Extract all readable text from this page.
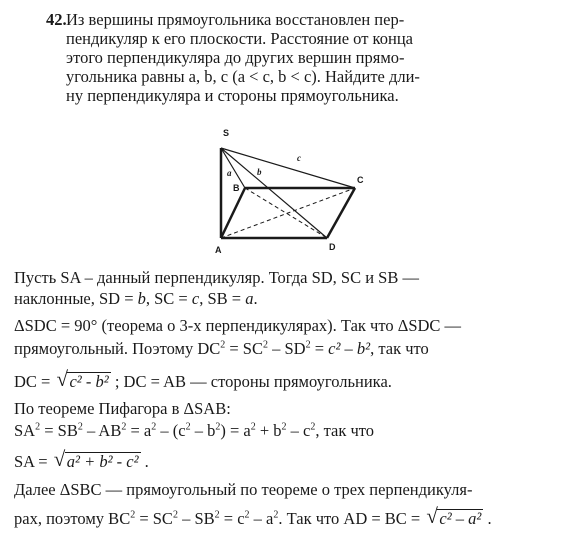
42. Из вершины прямоугольника восстановлен пер-
пендикуляр к его плоскости. Расстояние от конца
этого перпендикуляра до других вершин прямо-
угольника равны a, b, c (a < c, b < c). Найдите дли-
ну перпендикуляра и стороны прямоугольника.
S
B
C
A	D
a	b
c
Пусть SA – данный перпендикуляр. Тогда SD, SC и SB —
наклонные, SD = b, SC = c, SB = a.
ΔSDC = 90° (теорема о 3-х перпендикулярах). Так что ΔSDC —
прямоугольный. Поэтому $DC^2 = SC^2 - SD^2 = c^2 - b^2$, так что
DC = √ c² - b² ; DC = AB — стороны прямоугольника.
По теореме Пифагора в ΔSAB:
$SA^2 = SB^2 - AB^2 = a^2 - (c^2 - b^2) = a^2 + b^2 - c^2$, так что
SA = √ a² + b² - c² .
Далее ΔSBC — прямоугольный по теореме о трех перпендикуля-
рах, поэтому $BC^2 = SC^2 - SB^2 = c^2 - a^2$. Так что AD = BC = √ c² – a² .
